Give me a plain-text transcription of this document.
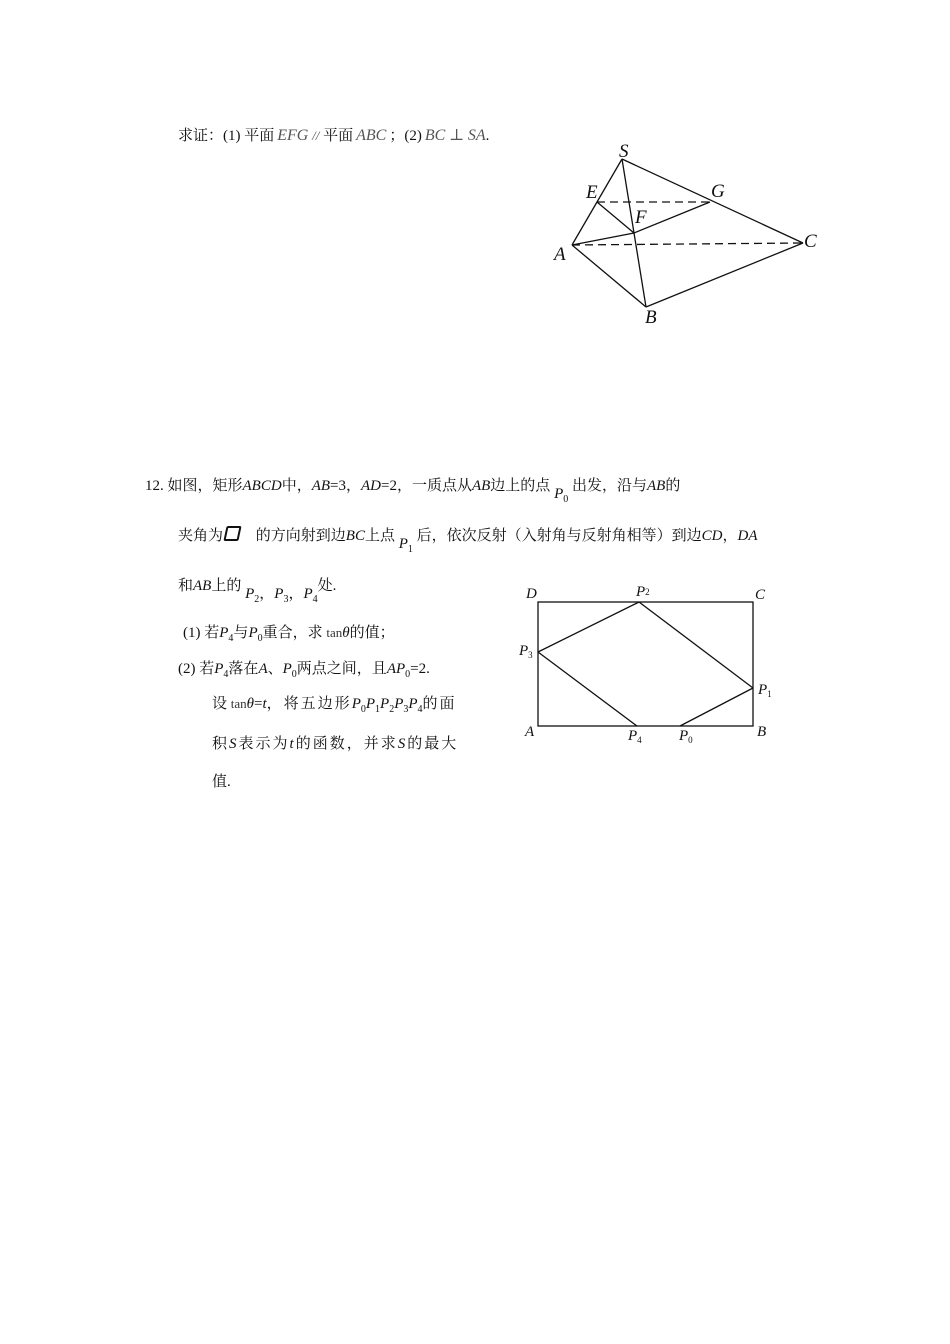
求证：(1) 平面 EFG // 平面 ABC ；(2) BC ⊥ SA.
S
E	G
F
A
C
B
12. 如图，矩形ABCD中，AB=3，AD=2，一质点从AB边上的点 $P_0$ 出发，沿与AB的
夹角为 的方向射到边BC上点 $P_1$ 后，依次反射（入射角与反射角相等）到边CD，DA
和AB上的 $P_2$，$P_3$，$P_4$处.
(1) 若$P_4$与$P_0$重合，求 tanθ的值；
(2) 若$P_4$落在A、$P_0$两点之间，且$AP_0=2$.
设 tanθ=t，将五边形$P_0P_1P_2P_3P_4$的面
积S表示为t的函数，并求S的最大
值.
D	C
A	B
P2
$P_3$
$P_1$
$P_4$ $P_0$
